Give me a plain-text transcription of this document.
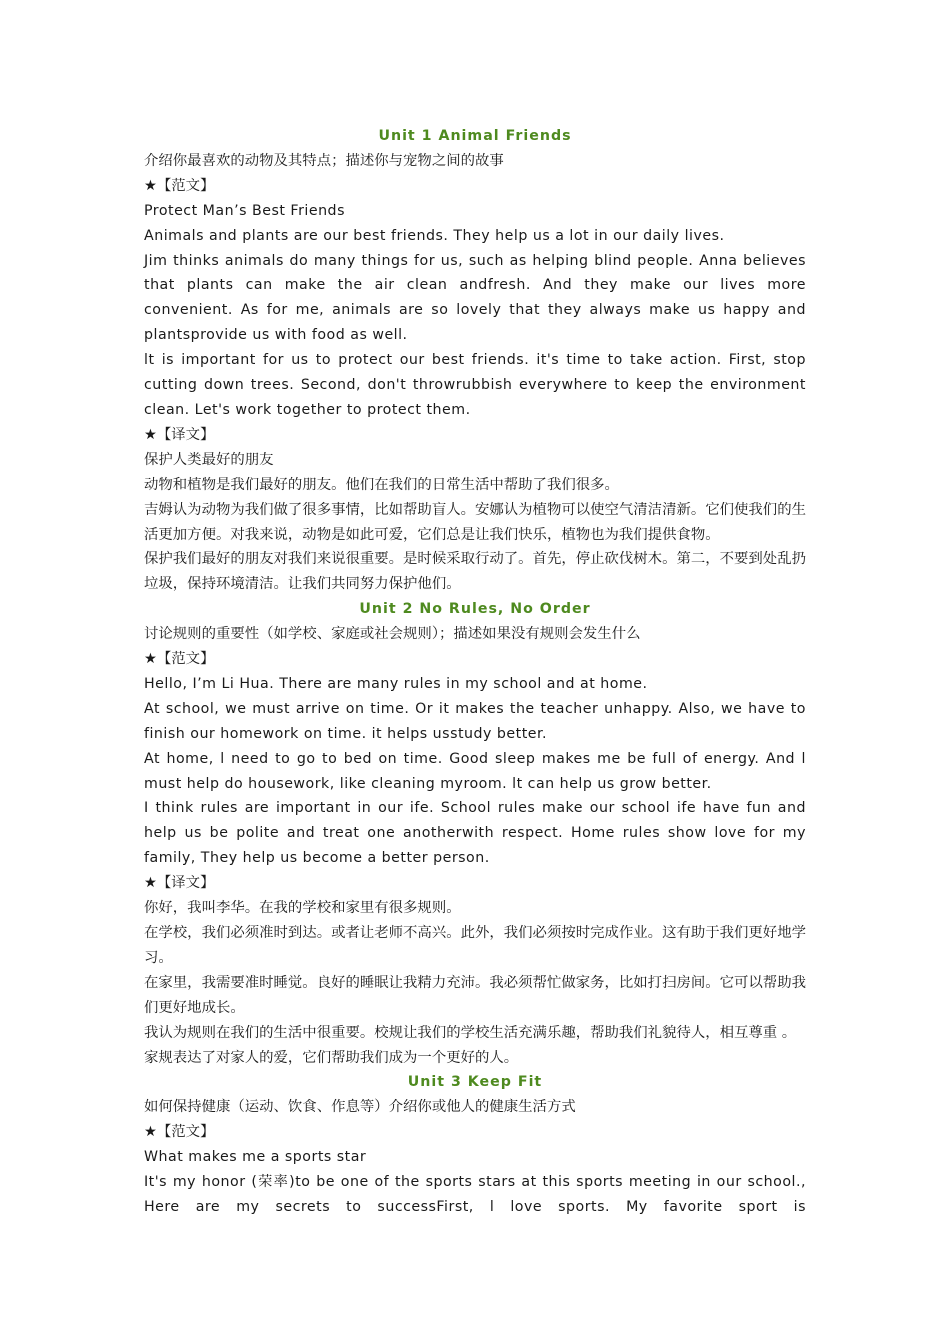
Unit 1 Animal Friends

介绍你最喜欢的动物及其特点；描述你与宠物之间的故事

★【范文】

Protect Man’s Best Friends

Animals and plants are our best friends. They help us a lot in our daily lives.

Jim thinks animals do many things for us, such as helping blind people. Anna believes that plants can make the air clean andfresh. And they make our lives more convenient. As for me, animals are so lovely that they always make us happy and plantsprovide us with food as well.

lt is important for us to protect our best friends. it's time to take action. First, stop cutting down trees. Second, don't throwrubbish everywhere to keep the environment clean. Let's work together to protect them.

★【译文】

保护人类最好的朋友

动物和植物是我们最好的朋友。他们在我们的日常生活中帮助了我们很多。

吉姆认为动物为我们做了很多事情，比如帮助盲人。安娜认为植物可以使空气清洁清新。它们使我们的生活更加方便。对我来说，动物是如此可爱，它们总是让我们快乐，植物也为我们提供食物。

保护我们最好的朋友对我们来说很重要。是时候采取行动了。首先，停止砍伐树木。第二，不要到处乱扔垃圾，保持环境清洁。让我们共同努力保护他们。

Unit 2 No Rules, No Order

讨论规则的重要性（如学校、家庭或社会规则）；描述如果没有规则会发生什么

★【范文】

Hello, I’m Li Hua. There are many rules in my school and at home.

At school, we must arrive on time. Or it makes the teacher unhappy. Also, we have to finish our homework on time. it helps usstudy better.

At home, l need to go to bed on time. Good sleep makes me be full of energy. And l must help do housework, like cleaning myroom. lt can help us grow better.

I think rules are important in our ife. School rules make our school ife have fun and help us be polite and treat one anotherwith respect. Home rules show love for my family, They help us become a better person.

★【译文】

你好，我叫李华。在我的学校和家里有很多规则。

在学校，我们必须准时到达。或者让老师不高兴。此外，我们必须按时完成作业。这有助于我们更好地学习。

在家里，我需要准时睡觉。良好的睡眠让我精力充沛。我必须帮忙做家务，比如打扫房间。它可以帮助我们更好地成长。

我认为规则在我们的生活中很重要。校规让我们的学校生活充满乐趣，帮助我们礼貌待人，相互尊重 。家规表达了对家人的爱，它们帮助我们成为一个更好的人。

Unit 3 Keep Fit

如何保持健康（运动、饮食、作息等）介绍你或他人的健康生活方式

★【范文】

What makes me a sports star

It's my honor (荣率)to be one of the sports stars at this sports meeting in our school., Here are my secrets to successFirst, l love sports. My favorite sport is
